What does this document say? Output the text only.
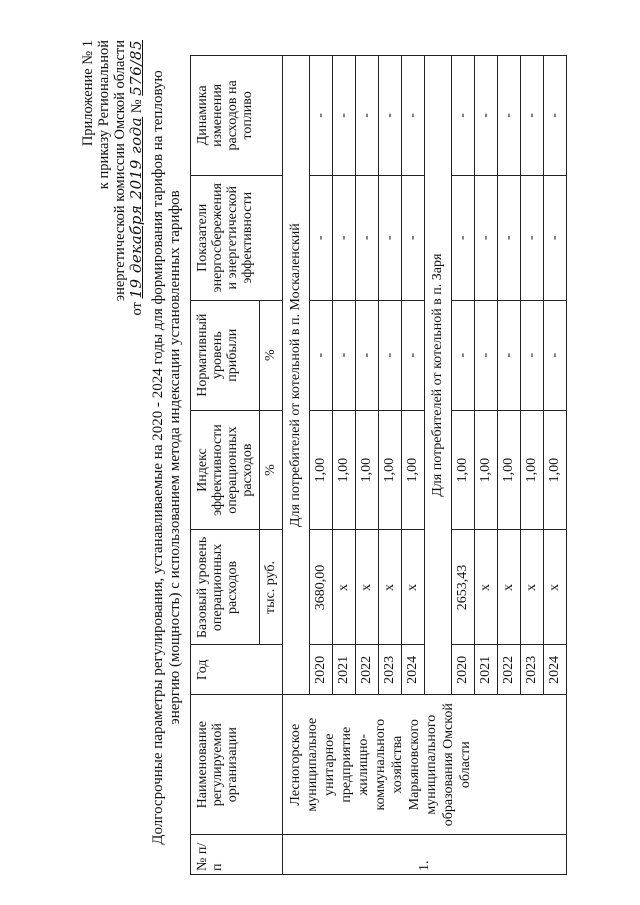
Приложение № 1 к приказу Региональной энергетической комиссии Омской области
от 19 декабря 2019 года № 576/85
Долгосрочные параметры регулирования, устанавливаемые на 2020 - 2024 годы для формирования тарифов на тепловую энергию (мощность) с использованием метода индексации установленных тарифов
№ п/п	Наименование регулируемой организации	Год	Базовый уровень операционных расходов	Индекс эффективности операционных расходов	Нормативный уровень прибыли	Показатели энергосбережения и энергетической эффективности	Динамика изменения расходов на топливо
			тыс. руб.	%	%		

1.	Лесногорское муниципальное унитарное предприятие жилищно-коммунального хозяйства Марьяновского муниципального образования Омской области	Для потребителей от котельной в п. Москаленский					
		2020	3680,00	1,00	-	-	-
		2021	х	1,00	-	-	-
		2022	х	1,00	-	-	-
		2023	х	1,00	-	-	-
		2024	х	1,00	-	-	-
		Для потребителей от котельной в п. Заря					
		2020	2653,43	1,00	-	-	-
		2021	х	1,00	-	-	-
		2022	х	1,00	-	-	-
		2023	х	1,00	-	-	-
		2024	х	1,00	-	-	-
